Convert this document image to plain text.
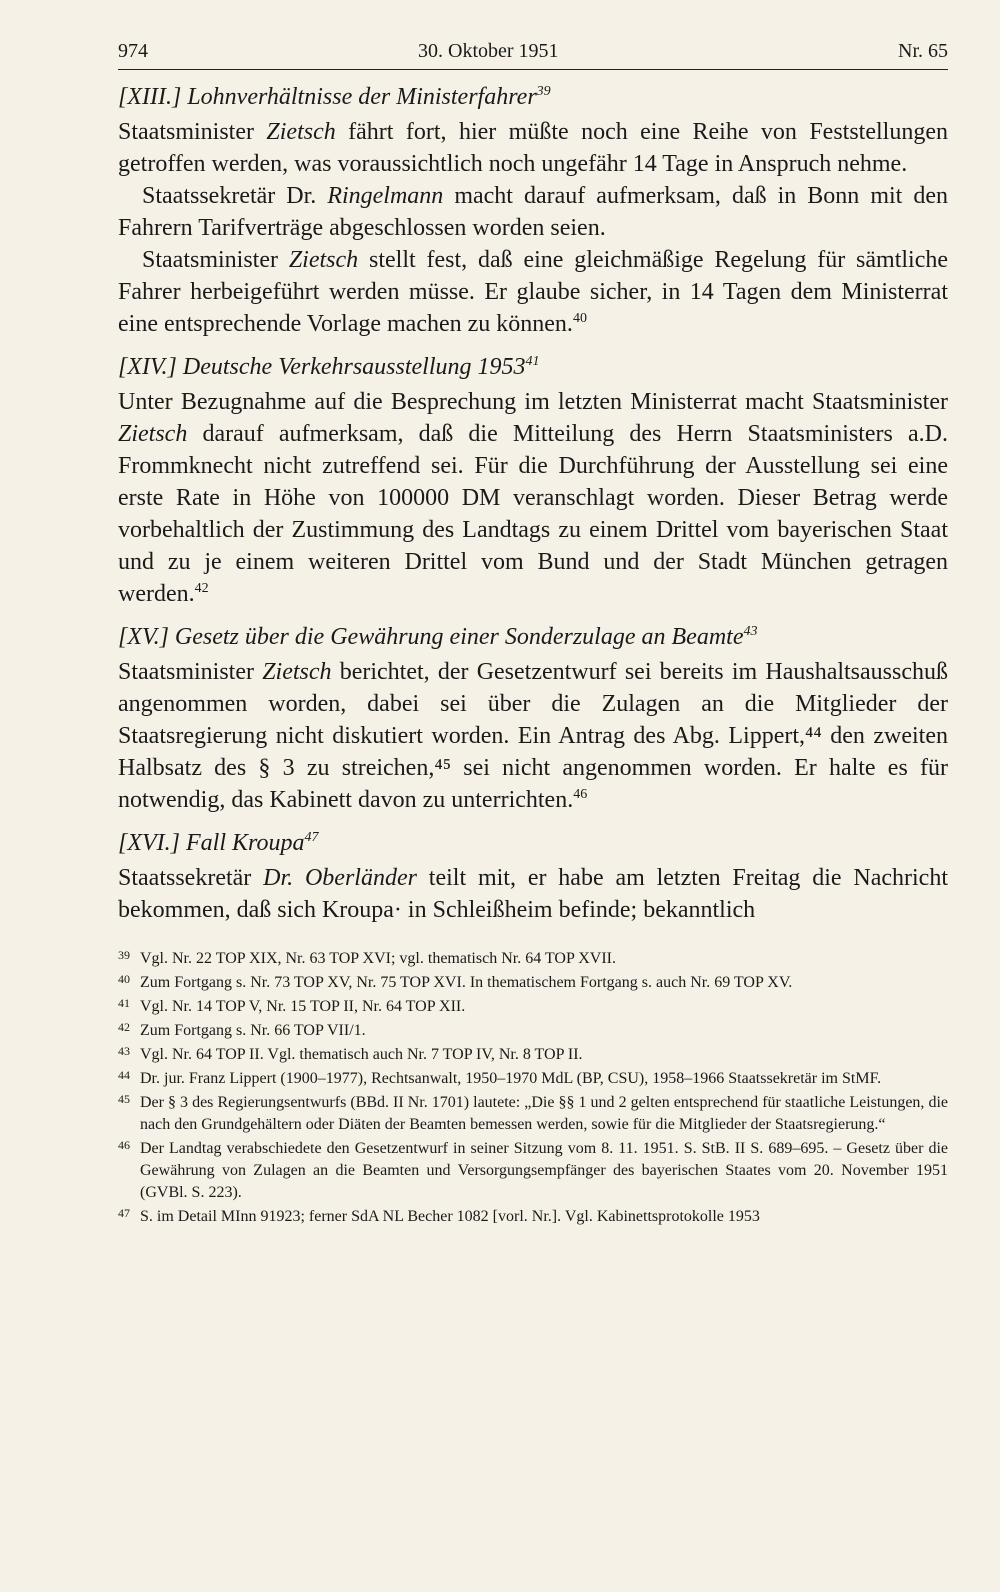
974	30. Oktober 1951	Nr. 65
[XIII.] Lohnverhältnisse der Ministerfahrer$^{39}$

Staatsminister Zietsch fährt fort, hier müßte noch eine Reihe von Feststellungen getroffen werden, was voraussichtlich noch ungefähr 14 Tage in Anspruch nehme.

Staatssekretär Dr. Ringelmann macht darauf aufmerksam, daß in Bonn mit den Fahrern Tarifverträge abgeschlossen worden seien.

Staatsminister Zietsch stellt fest, daß eine gleichmäßige Regelung für sämtliche Fahrer herbeigeführt werden müsse. Er glaube sicher, in 14 Tagen dem Ministerrat eine entsprechende Vorlage machen zu können.$^{40}$

[XIV.] Deutsche Verkehrsausstellung 1953$^{41}$

Unter Bezugnahme auf die Besprechung im letzten Ministerrat macht Staatsminister Zietsch darauf aufmerksam, daß die Mitteilung des Herrn Staatsministers a.D. Frommknecht nicht zutreffend sei. Für die Durchführung der Ausstellung sei eine erste Rate in Höhe von 100000 DM veranschlagt worden. Dieser Betrag werde vorbehaltlich der Zustimmung des Landtags zu einem Drittel vom bayerischen Staat und zu je einem weiteren Drittel vom Bund und der Stadt München getragen werden.$^{42}$

[XV.] Gesetz über die Gewährung einer Sonderzulage an Beamte$^{43}$

Staatsminister Zietsch berichtet, der Gesetzentwurf sei bereits im Haushaltsausschuß angenommen worden, dabei sei über die Zulagen an die Mitglieder der Staatsregierung nicht diskutiert worden. Ein Antrag des Abg. Lippert,⁴⁴ den zweiten Halbsatz des § 3 zu streichen,⁴⁵ sei nicht angenommen worden. Er halte es für notwendig, das Kabinett davon zu unterrichten.$^{46}$

[XVI.] Fall Kroupa$^{47}$

Staatssekretär Dr. Oberländer teilt mit, er habe am letzten Freitag die Nachricht bekommen, daß sich Kroupa· in Schleißheim befinde; bekanntlich

39 Vgl. Nr. 22 TOP XIX, Nr. 63 TOP XVI; vgl. thematisch Nr. 64 TOP XVII.
40 Zum Fortgang s. Nr. 73 TOP XV, Nr. 75 TOP XVI. In thematischem Fortgang s. auch Nr. 69 TOP XV.
41 Vgl. Nr. 14 TOP V, Nr. 15 TOP II, Nr. 64 TOP XII.
42 Zum Fortgang s. Nr. 66 TOP VII/1.
43 Vgl. Nr. 64 TOP II. Vgl. thematisch auch Nr. 7 TOP IV, Nr. 8 TOP II.
44 Dr. jur. Franz Lippert (1900–1977), Rechtsanwalt, 1950–1970 MdL (BP, CSU), 1958–1966 Staatssekretär im StMF.
45 Der § 3 des Regierungsentwurfs (BBd. II Nr. 1701) lautete: „Die §§ 1 und 2 gelten entsprechend für staatliche Leistungen, die nach den Grundgehältern oder Diäten der Beamten bemessen werden, sowie für die Mitglieder der Staatsregierung.“
46 Der Landtag verabschiedete den Gesetzentwurf in seiner Sitzung vom 8. 11. 1951. S. StB. II S. 689–695. – Gesetz über die Gewährung von Zulagen an die Beamten und Versorgungsempfänger des bayerischen Staates vom 20. November 1951 (GVBl. S. 223).
47 S. im Detail MInn 91923; ferner SdA NL Becher 1082 [vorl. Nr.]. Vgl. Kabinettsprotokolle 1953
